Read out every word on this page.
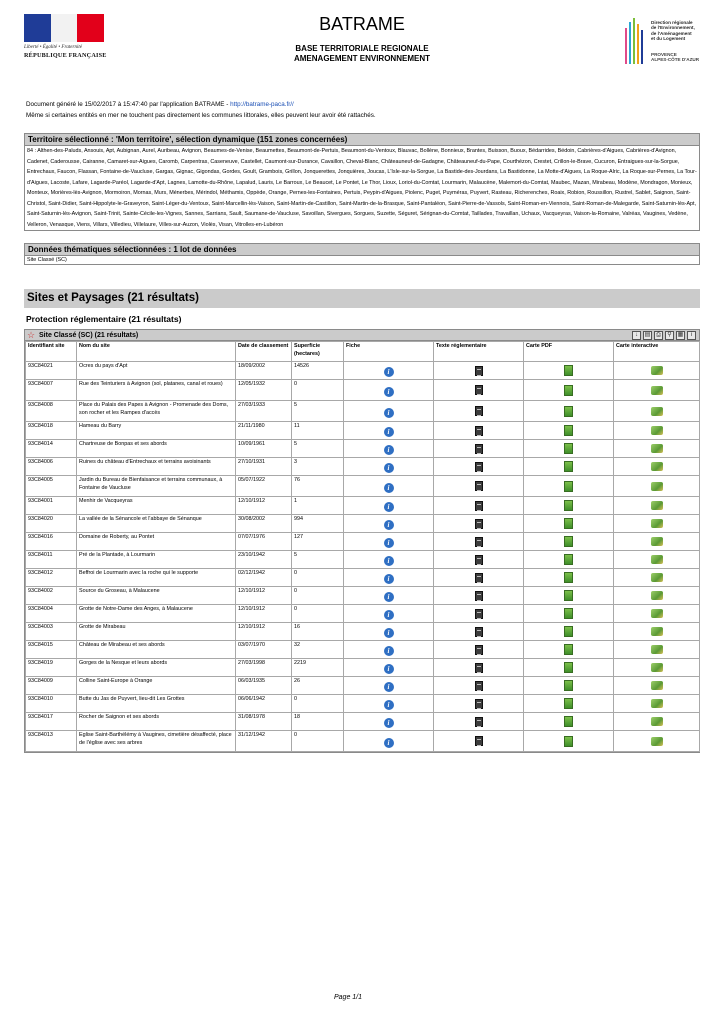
Liberté • Égalité • Fraternité
RÉPUBLIQUE FRANÇAISE
BATRAME
BASE TERRITORIALE REGIONALE
AMENAGEMENT ENVIRONNEMENT
Direction régionale
de l'Environnement,
de l'Aménagement
et du Logement
PROVENCE
ALPES-CÔTE D'AZUR
Document généré le 15/02/2017 à 15:47:40 par l'application BATRAME - http://batrame-paca.fr//
Même si certaines entités en mer ne touchent pas directement les communes littorales, elles peuvent leur avoir été rattachés.
Territoire sélectionné : 'Mon territoire', sélection dynamique (151 zones concernées)
84 : Althen-des-Paluds, Ansouis, Apt, Aubignan, Aurel, Auribeau, Avignon, Beaumes-de-Venise, Beaumettes, Beaumont-de-Pertuis, Beaumont-du-Ventoux, Blauvac, Bollène, Bonnieux, Brantes, Buisson, Buoux, Bédarrides, Bédoin, Cabrières-d'Aigues, Cabrières-d'Avignon, Cadenet, Caderousse, Cairanne, Camaret-sur-Aigues, Caromb, Carpentras, Caseneuve, Castellet, Caumont-sur-Durance, Cavaillon, Cheval-Blanc, Châteauneuf-de-Gadagne, Châteauneuf-du-Pape, Courthézon, Crestet, Crillon-le-Brave, Cucuron, Entraigues-sur-la-Sorgue, Entrechaux, Faucon, Flassan, Fontaine-de-Vaucluse, Gargas, Gignac, Gigondas, Gordes, Goult, Grambois, Grillon, Jonquerettes, Jonquières, Joucas, L'Isle-sur-la-Sorgue, La Bastide-des-Jourdans, La Bastidonne, La Motte-d'Aigues, La Roque-Alric, La Roque-sur-Pernes, La Tour-d'Aigues, Lacoste, Lafare, Lagarde-Paréol, Lagarde-d'Apt, Lagnes, Lamotte-du-Rhône, Lapalud, Lauris, Le Barroux, Le Beaucet, Le Pontet, Le Thor, Lioux, Loriol-du-Comtat, Lourmarin, Malaucène, Malemort-du-Comtat, Maubec, Mazan, Mirabeau, Modène, Mondragon, Monieux, Monteux, Morières-lès-Avignon, Mormoiron, Mornas, Murs, Ménerbes, Mérindol, Méthamis, Oppède, Orange, Pernes-les-Fontaines, Pertuis, Peypin-d'Aigues, Piolenc, Puget, Puyméras, Puyvert, Rasteau, Richerenches, Roaix, Robion, Roussillon, Rustrel, Sablet, Saignon, Saint-Christol, Saint-Didier, Saint-Hippolyte-le-Graveyron, Saint-Léger-du-Ventoux, Saint-Marcellin-lès-Vaison, Saint-Martin-de-Castillon, Saint-Martin-de-la-Brasque, Saint-Pantaléon, Saint-Pierre-de-Vassols, Saint-Roman-en-Viennois, Saint-Roman-de-Malegarde, Saint-Saturnin-lès-Apt, Saint-Saturnin-lès-Avignon, Saint-Trinit, Sainte-Cécile-les-Vignes, Sannes, Sarrians, Sault, Saumane-de-Vaucluse, Savoillan, Sivergues, Sorgues, Suzette, Séguret, Sérignan-du-Comtat, Taillades, Travaillan, Uchaux, Vacqueyras, Vaison-la-Romaine, Valréas, Vaugines, Vedène, Velleron, Venasque, Viens, Villars, Villedieu, Villelaure, Villes-sur-Auzon, Violès, Visan, Vitrolles-en-Lubéron
Données thématiques sélectionnées : 1 lot de données
Site Classé (SC)
Sites et Paysages (21 résultats)
Protection réglementaire (21 résultats)
☆ Site Classé (SC) (21 résultats)	↓	▤ ⎙	⚲ ▦	i
Identifiant site	Nom du site	Date de classement	Superficie (hectares)	Fiche	Texte réglementaire	Carte PDF	Carte interactive
93C84021	Ocres du pays d'Apt	18/09/2002	14526	i			
93C84007	Rue des Teinturiers à Avignon (sol, platanes, canal et roues)	12/05/1932	0	i			
93C84008	Place du Palais des Papes à Avignon - Promenade des Doms, son rocher et les Rampes d'accès	27/03/1933	5	i			
93C84018	Hameau du Barry	21/11/1980	11	i			
93C84014	Chartreuse de Bonpas et ses abords	10/09/1961	5	i			
93C84006	Ruines du château d'Entrechaux et terrains avoisinants	27/10/1931	3	i			
93C84005	Jardin du Bureau de Bienfaisance et terrains communaux, à Fontaine de Vaucluse	05/07/1922	76	i			
93C84001	Menhir de Vacqueyras	12/10/1912	1	i			
93C84020	La vallée de la Sénancole et l'abbaye de Sénanque	30/08/2002	994	i			
93C84016	Domaine de Roberty, au Pontet	07/07/1976	127	i			
93C84011	Pré de la Plantade, à Lourmarin	23/10/1942	5	i			
93C84012	Beffroi de Lourmarin avec la roche qui le supporte	02/12/1942	0	i			
93C84002	Source du Groseau, à Malaucene	12/10/1912	0	i			
93C84004	Grotte de Notre-Dame des Anges, à Malaucene	12/10/1912	0	i			
93C84003	Grotte de Mirabeau	12/10/1912	16	i			
93C84015	Château de Mirabeau et ses abords	03/07/1970	32	i			
93C84019	Gorges de la Nesque et leurs abords	27/03/1998	2219	i			
93C84009	Colline Saint-Europe à Orange	06/03/1935	26	i			
93C84010	Butte du Jas de Puyvert, lieu-dit Les Grottes	06/06/1942	0	i			
93C84017	Rocher de Saignon et ses abords	31/08/1978	18	i			
93C84013	Eglise Saint-Barthélémy à Vaugines, cimetière désaffecté, place de l'église avec ses arbres	31/12/1942	0	i			
Page 1/1
